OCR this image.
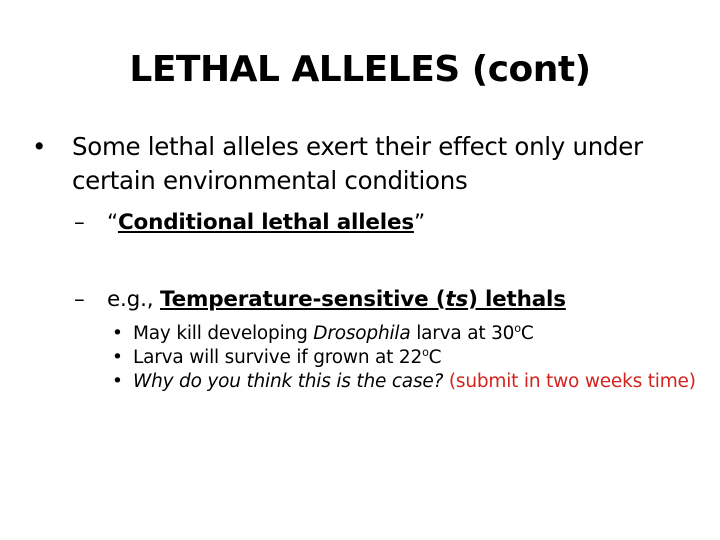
LETHAL ALLELES (cont)
• Some lethal alleles exert their effect only under certain environmental conditions
– “Conditional lethal alleles”
– e.g., Temperature-sensitive (ts) lethals
• May kill developing Drosophila larva at 30$^o$C
• Larva will survive if grown at 22$^o$C
• Why do you think this is the case? (submit in two weeks time)
